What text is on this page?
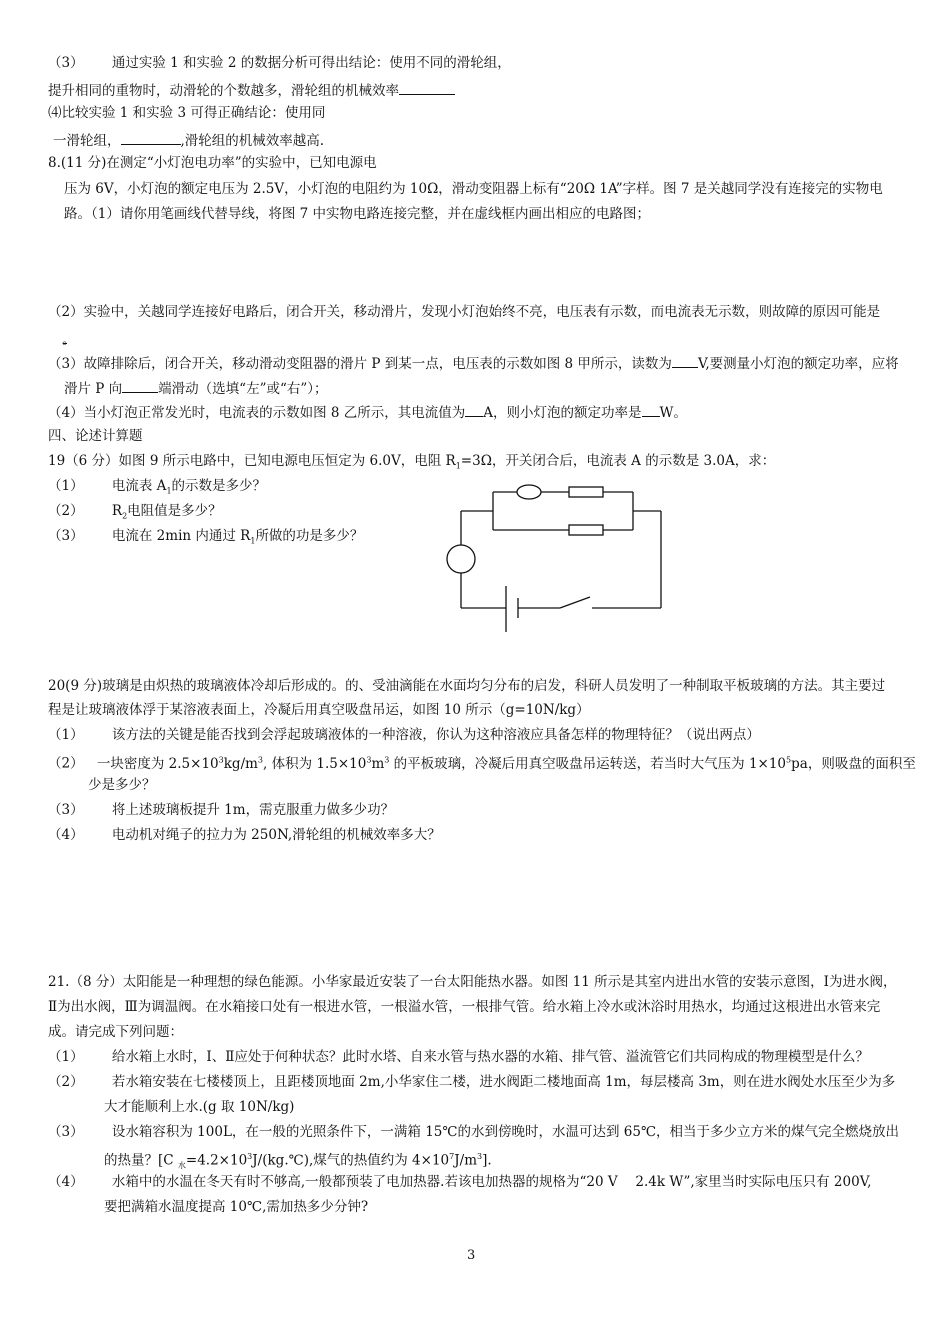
（3） 通过实验 1 和实验 2 的数据分析可得出结论：使用不同的滑轮组，
提升相同的重物时，动滑轮的个数越多，滑轮组的机械效率
⑷比较实验 1 和实验 3 可得正确结论：使用同
一滑轮组，	,滑轮组的机械效率越高.
8.(11 分)在测定“小灯泡电功率”的实验中，已知电源电
压为 6V，小灯泡的额定电压为 2.5V，小灯泡的电阻约为 10Ω，滑动变阻器上标有“20Ω 1A”字样。图 7 是关越同学没有连接完的实物电
路。（1）请你用笔画线代替导线，将图 7 中实物电路连接完整，并在虚线框内画出相应的电路图；
（2）实验中，关越同学连接好电路后，闭合开关，移动滑片，发现小灯泡始终不亮，电压表有示数，而电流表无示数，则故障的原因可能是
。
（3）故障排除后，闭合开关，移动滑动变阻器的滑片 P 到某一点，电压表的示数如图 8 甲所示，读数为 V,要测量小灯泡的额定功率，应将
滑片 P 向	端滑动（选填“左”或“右”）；
（4）当小灯泡正常发光时，电流表的示数如图 8 乙所示，其电流值为 A，则小灯泡的额定功率是 W。
四、论述计算题
19（6 分）如图 9 所示电路中，已知电源电压恒定为 6.0V，电阻 $R_1=3\Omega$，开关闭合后，电流表 A 的示数是 3.0A，求：
（1） 电流表 $A_1$的示数是多少？
（2） $R_2$电阻值是多少？
（3） 电流在 2min 内通过 $R_1$所做的功是多少？
20(9 分)玻璃是由炽热的玻璃液体冷却后形成的。的、受油滴能在水面均匀分布的启发，科研人员发明了一种制取平板玻璃的方法。其主要过
程是让玻璃液体浮于某溶液表面上，冷凝后用真空吸盘吊运，如图 10 所示（g=10N/kg）
（1） 该方法的关键是能否找到会浮起玻璃液体的一种溶液，你认为这种溶液应具备怎样的物理特征？（说出两点）
（2） 一块密度为 $2.5\times 10^3kg/m^3$, 体积为 $1.5\times 10^3m^3$ 的平板玻璃，冷凝后用真空吸盘吊运转送，若当时大气压为 $1\times 10^5pa$，则吸盘的面积至
少是多少？
（3） 将上述玻璃板提升 1m，需克服重力做多少功？
（4） 电动机对绳子的拉力为 250N,滑轮组的机械效率多大？
21.（8 分）太阳能是一种理想的绿色能源。小华家最近安装了一台太阳能热水器。如图 11 所示是其室内进出水管的安装示意图，Ⅰ为进水阀，
Ⅱ为出水阀，Ⅲ为调温阀。在水箱接口处有一根进水管，一根溢水管，一根排气管。给水箱上冷水或沐浴时用热水，均通过这根进出水管来完
成。请完成下列问题：
（1） 给水箱上水时，Ⅰ、Ⅱ应处于何种状态？此时水塔、自来水管与热水器的水箱、排气管、溢流管它们共同构成的物理模型是什么？
（2） 若水箱安装在七楼楼顶上，且距楼顶地面 2m,小华家住二楼，进水阀距二楼地面高 1m，每层楼高 3m，则在进水阀处水压至少为多
大才能顺利上水.(g 取 10N/kg)
（3） 设水箱容积为 100L，在一般的光照条件下，一满箱 15℃的水到傍晚时，水温可达到 65℃，相当于多少立方米的煤气完全燃烧放出
的热量？[C $_水=4.2\times 10^3J/(kg.℃)$,煤气的热值约为 $4\times 10^7J/m^3$].
（4） 水箱中的水温在冬天有时不够高,一般都预装了电加热器.若该电加热器的规格为“20 V　 2.4k W”,家里当时实际电压只有 200V,
要把满箱水温度提高 10℃,需加热多少分钟?
3
